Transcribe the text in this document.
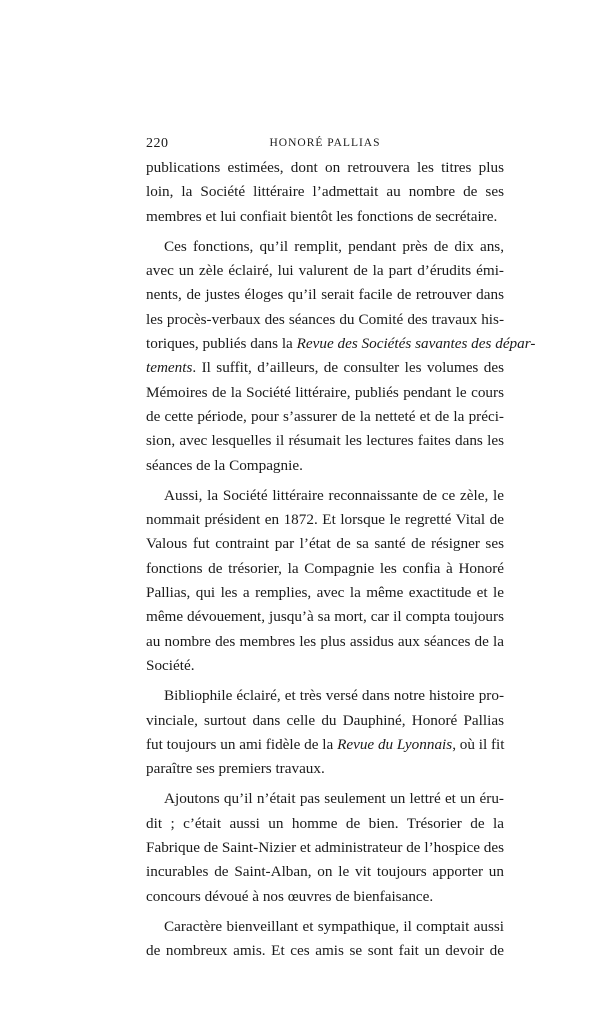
220	HONORÉ PALLIAS

publications estimées, dont on retrouvera les titres plus
loin, la Société littéraire l’admettait au nombre de ses
membres et lui confiait bientôt les fonctions de secrétaire.

Ces fonctions, qu’il remplit, pendant près de dix ans,
avec un zèle éclairé, lui valurent de la part d’érudits émi-
nents, de justes éloges qu’il serait facile de retrouver dans
les procès-verbaux des séances du Comité des travaux his-
toriques, publiés dans la Revue des Sociétés savantes des dépar-
tements. Il suffit, d’ailleurs, de consulter les volumes des
Mémoires de la Société littéraire, publiés pendant le cours
de cette période, pour s’assurer de la netteté et de la préci-
sion, avec lesquelles il résumait les lectures faites dans les
séances de la Compagnie.

Aussi, la Société littéraire reconnaissante de ce zèle, le
nommait président en 1872. Et lorsque le regretté Vital de
Valous fut contraint par l’état de sa santé de résigner ses
fonctions de trésorier, la Compagnie les confia à Honoré
Pallias, qui les a remplies, avec la même exactitude et le
même dévouement, jusqu’à sa mort, car il compta toujours
au nombre des membres les plus assidus aux séances de la
Société.

Bibliophile éclairé, et très versé dans notre histoire pro-
vinciale, surtout dans celle du Dauphiné, Honoré Pallias
fut toujours un ami fidèle de la Revue du Lyonnais, où il fit
paraître ses premiers travaux.

Ajoutons qu’il n’était pas seulement un lettré et un éru-
dit ; c’était aussi un homme de bien. Trésorier de la
Fabrique de Saint-Nizier et administrateur de l’hospice des
incurables de Saint-Alban, on le vit toujours apporter un
concours dévoué à nos œuvres de bienfaisance.

Caractère bienveillant et sympathique, il comptait aussi
de nombreux amis. Et ces amis se sont fait un devoir de
